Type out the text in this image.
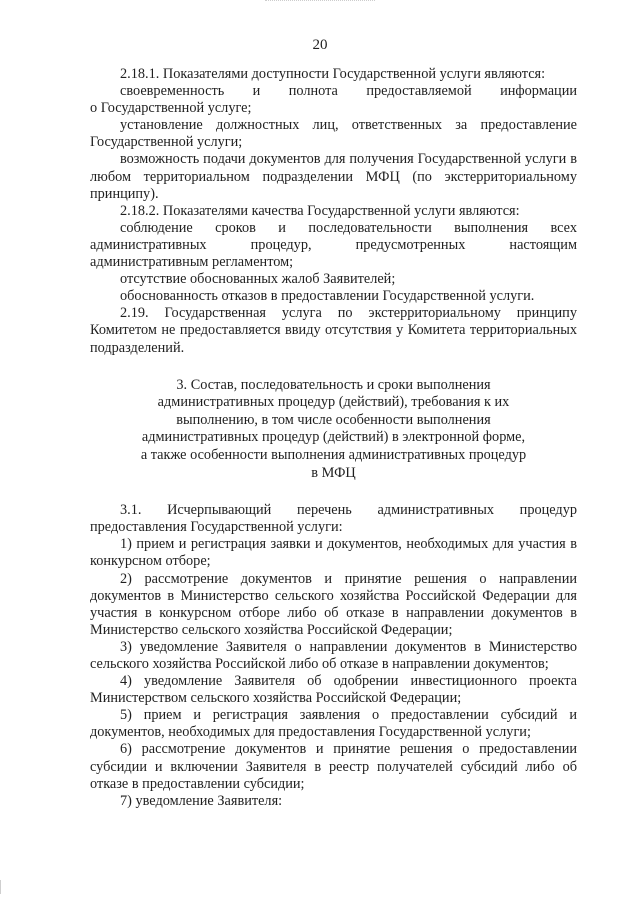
20

2.18.1. Показателями доступности Государственной услуги являются:

своевременность и полнота предоставляемой информации

о Государственной услуге;

установление должностных лиц, ответственных за предоставление Государственной услуги;

возможность подачи документов для получения Государственной услуги в любом территориальном подразделении МФЦ (по экстерриториальному принципу).

2.18.2. Показателями качества Государственной услуги являются:

соблюдение сроков и последовательности выполнения всех административных процедур, предусмотренных настоящим административным регламентом;

отсутствие обоснованных жалоб Заявителей;

обоснованность отказов в предоставлении Государственной услуги.

2.19. Государственная услуга по экстерриториальному принципу Комитетом не предоставляется ввиду отсутствия у Комитета территориальных подразделений.

3. Состав, последовательность и сроки выполнения
административных процедур (действий), требования к их
выполнению, в том числе особенности выполнения
административных процедур (действий) в электронной форме,
а также особенности выполнения административных процедур
в МФЦ

3.1. Исчерпывающий перечень административных процедур предоставления Государственной услуги:

1) прием и регистрация заявки и документов, необходимых для участия в конкурсном отборе;

2) рассмотрение документов и принятие решения о направлении документов в Министерство сельского хозяйства Российской Федерации для участия в конкурсном отборе либо об отказе в направлении документов в Министерство сельского хозяйства Российской Федерации;

3) уведомление Заявителя о направлении документов в Министерство сельского хозяйства Российской либо об отказе в направлении документов;

4) уведомление Заявителя об одобрении инвестиционного проекта Министерством сельского хозяйства Российской Федерации;

5) прием и регистрация заявления о предоставлении субсидий и документов, необходимых для предоставления Государственной услуги;

6) рассмотрение документов и принятие решения о предоставлении субсидии и включении Заявителя в реестр получателей субсидий либо об отказе в предоставлении субсидии;

7) уведомление Заявителя:
